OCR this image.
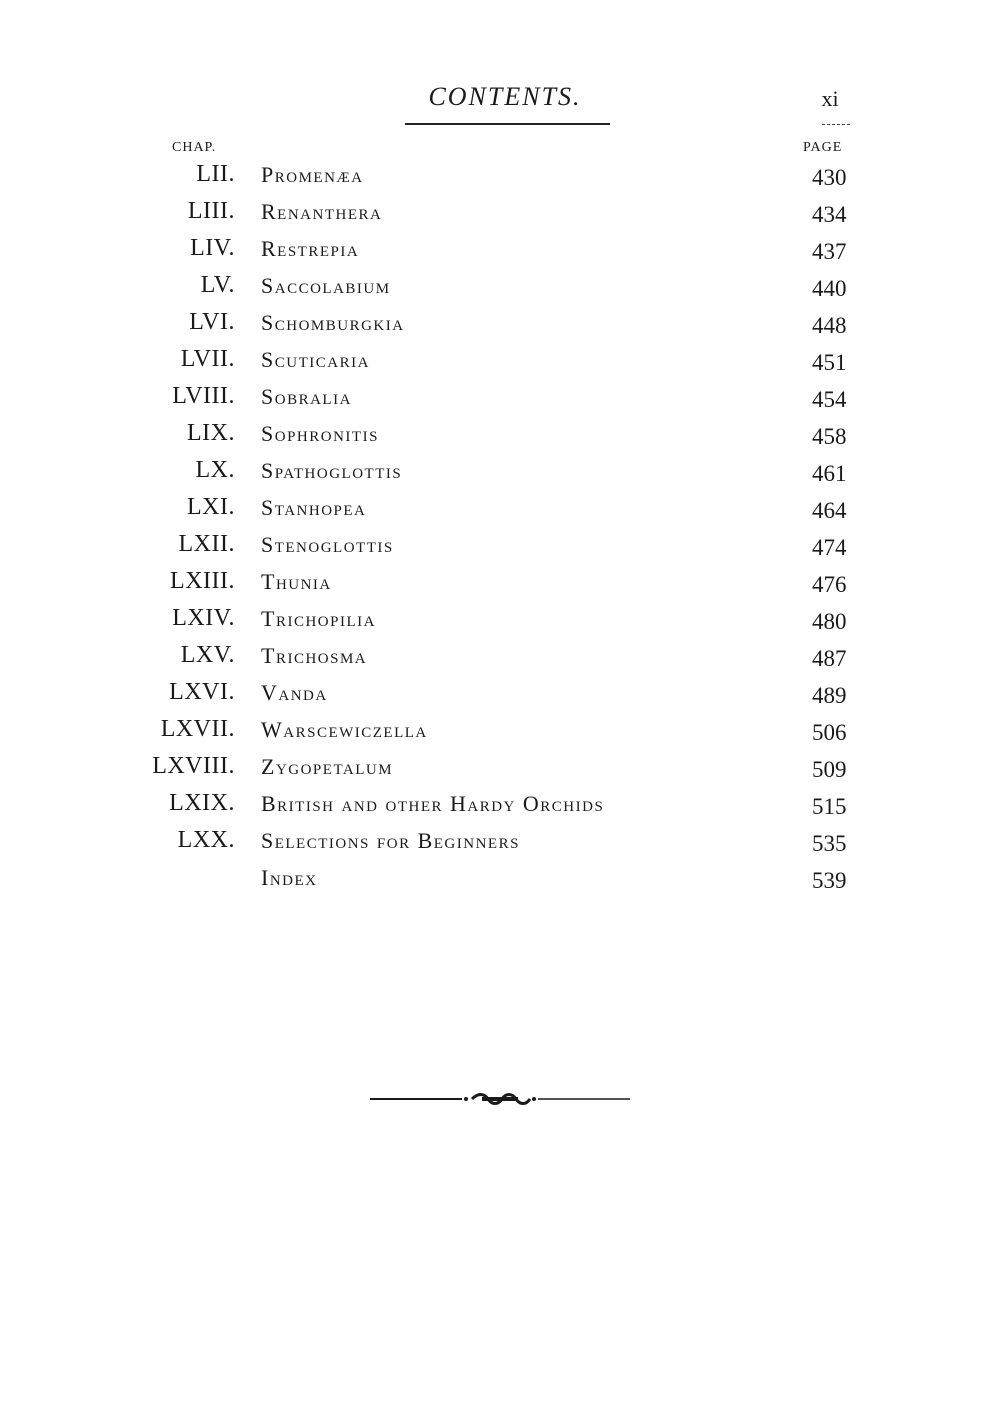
CONTENTS.	xi
CHAP.	PAGE
LII. Promenæa	430
LIII. Renanthera	434
LIV. Restrepia	437
LV. Saccolabium	440
LVI. Schomburgkia	448
LVII. Scuticaria	451
LVIII. Sobralia	454
LIX. Sophronitis	458
LX. Spathoglottis	461
LXI. Stanhopea	464
LXII. Stenoglottis	474
LXIII. Thunia	476
LXIV. Trichopilia	480
LXV. Trichosma	487
LXVI. Vanda	489
LXVII. Warscewiczella	506
LXVIII. Zygopetalum	509
LXIX. British and other Hardy Orchids	515
LXX. Selections for Beginners	535
Index	539
